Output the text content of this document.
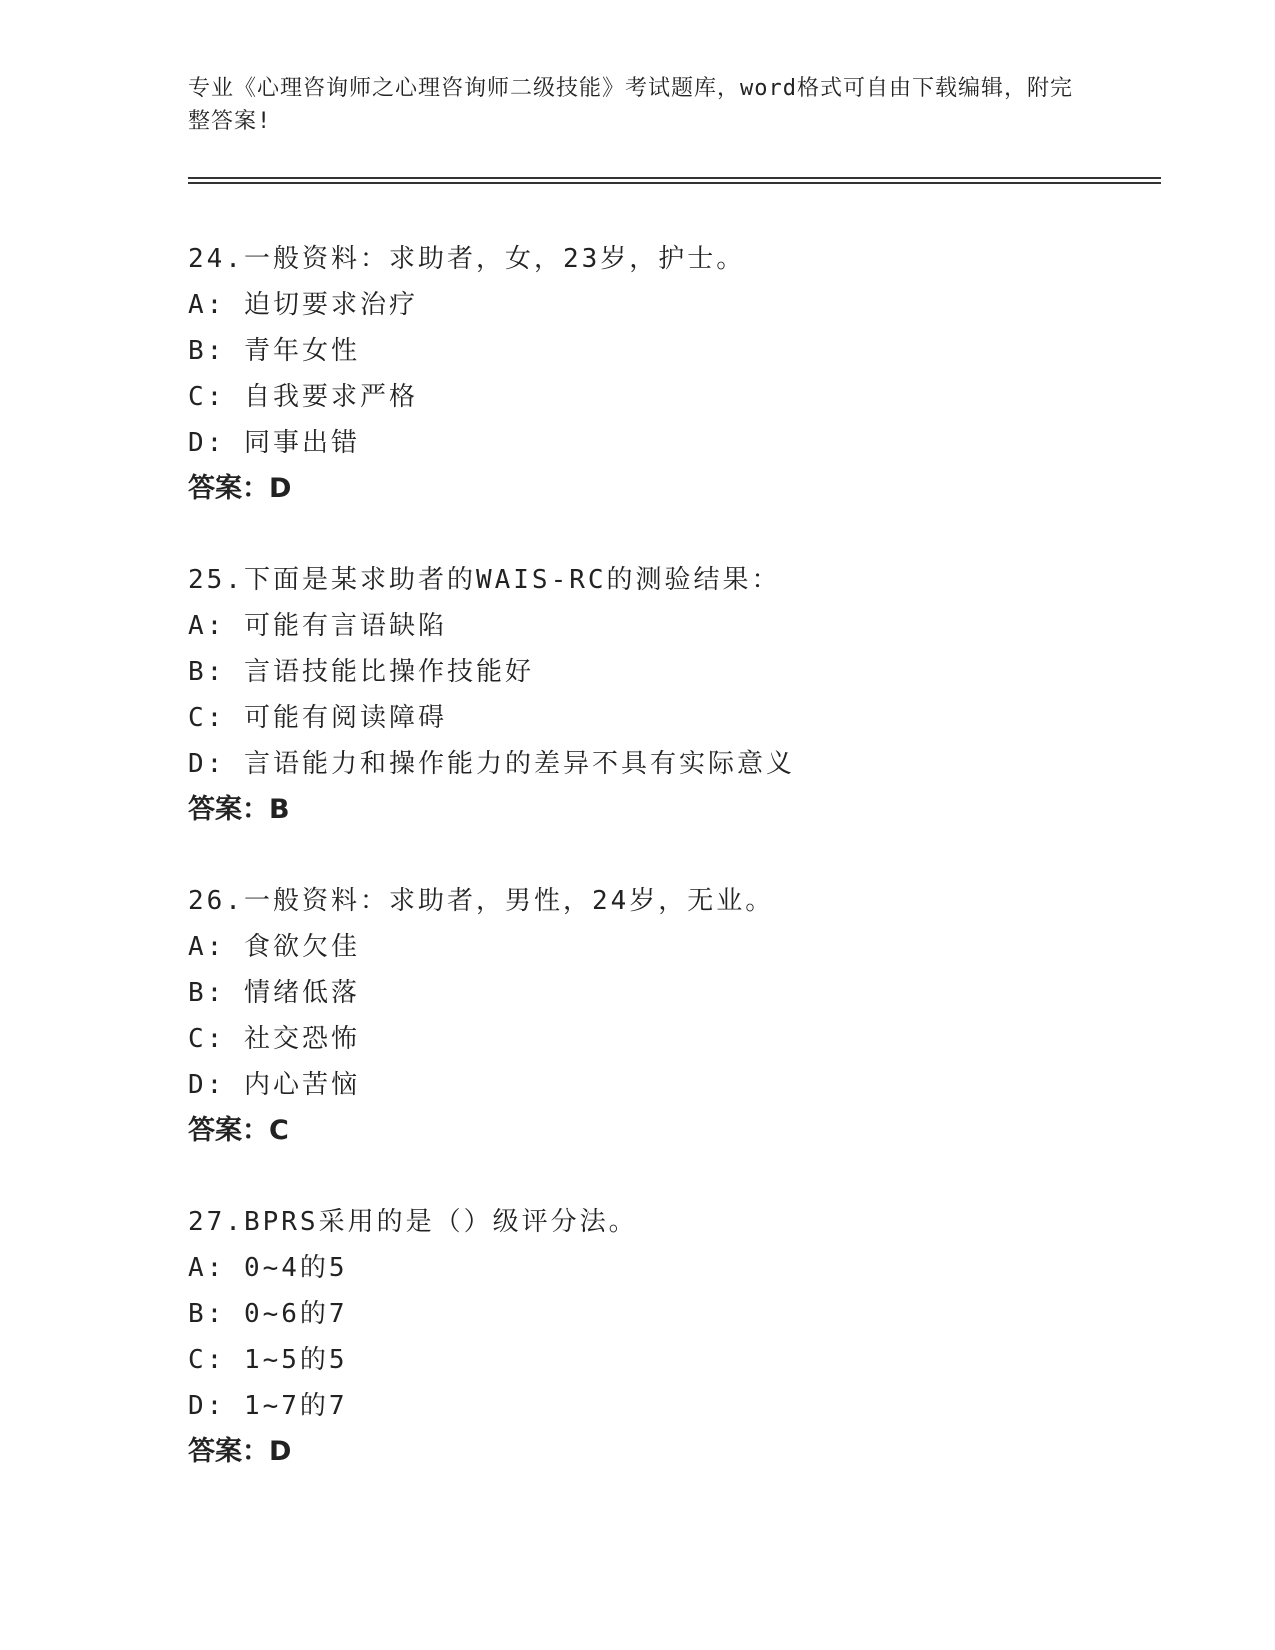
专业《心理咨询师之心理咨询师二级技能》考试题库，word格式可自由下载编辑，附完整答案!
24.一般资料：求助者，女，23岁，护士。
A: 迫切要求治疗
B: 青年女性
C: 自我要求严格
D: 同事出错
答案：D
25.下面是某求助者的WAIS-RC的测验结果：
A: 可能有言语缺陷
B: 言语技能比操作技能好
C: 可能有阅读障碍
D: 言语能力和操作能力的差异不具有实际意义
答案：B
26.一般资料：求助者，男性，24岁，无业。
A: 食欲欠佳
B: 情绪低落
C: 社交恐怖
D: 内心苦恼
答案：C
27.BPRS采用的是（）级评分法。
A: 0~4的5
B: 0~6的7
C: 1~5的5
D: 1~7的7
答案：D
